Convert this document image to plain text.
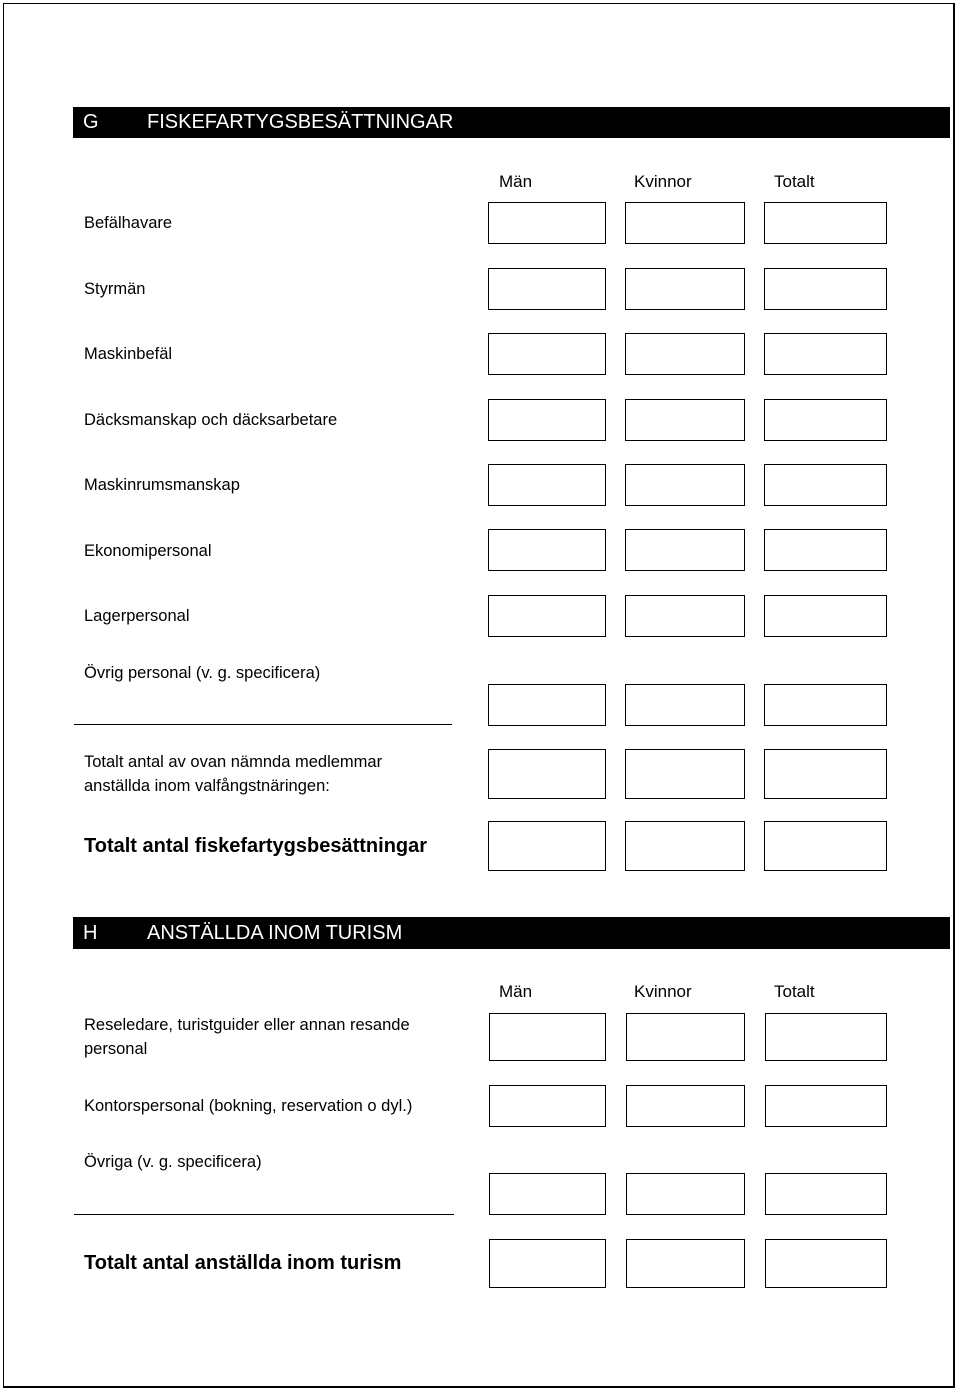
G FISKEFARTYGSBESÄTTNINGAR
Män	Kvinnor	Totalt
Befälhavare
Styrmän
Maskinbefäl
Däcksmanskap och däcksarbetare
Maskinrumsmanskap
Ekonomipersonal
Lagerpersonal
Övrig personal (v. g. specificera)
Totalt antal av ovan nämnda medlemmar
anställda inom valfångstnäringen:
Totalt antal fiskefartygsbesättningar
H ANSTÄLLDA INOM TURISM
Män	Kvinnor	Totalt
Reseledare, turistguider eller annan resande
personal
Kontorspersonal (bokning, reservation o dyl.)
Övriga (v. g. specificera)
Totalt antal anställda inom turism
